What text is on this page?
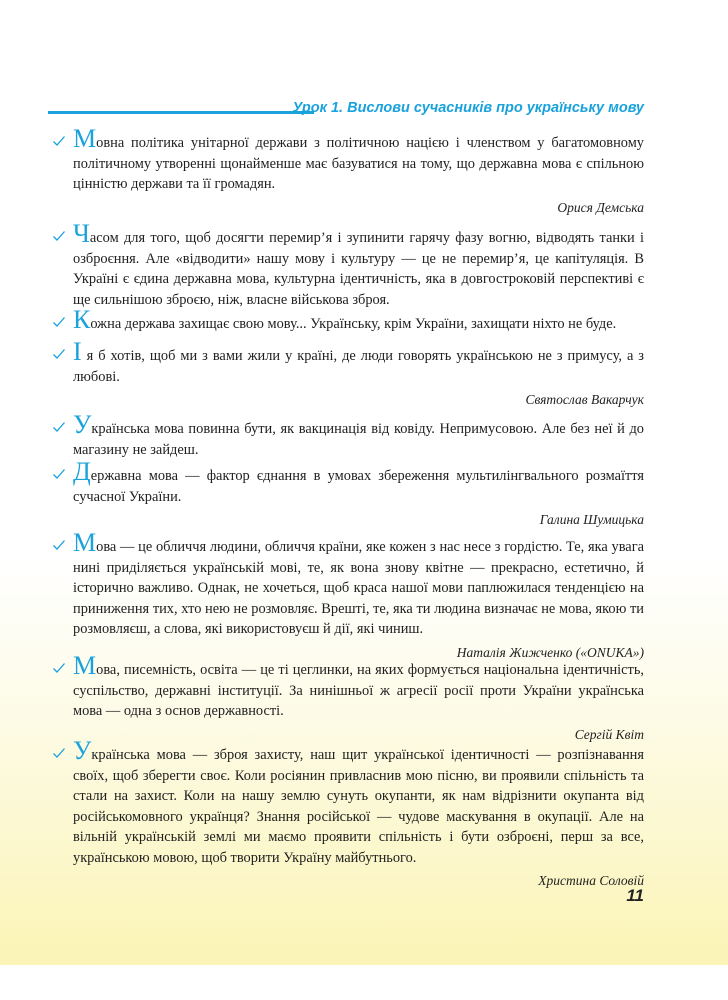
Урок 1. Вислови сучасників про українську мову
Мовна політика унітарної держави з політичною нацією і членством у багатомовному політичному утворенні щонайменше має базуватися на тому, що державна мова є спільною цінністю держави та її громадян.
Орися Демська
Часом для того, щоб досягти перемир’я і зупинити гарячу фазу вогню, відводять танки і озброєння. Але «відводити» нашу мову і культуру — це не перемир’я, це капітуляція. В Україні є єдина державна мова, культурна ідентичність, яка в довгостроковій перспективі є ще сильнішою зброєю, ніж, власне військова зброя.
Кожна держава захищає свою мову... Українську, крім України, захищати ніхто не буде.
І я б хотів, щоб ми з вами жили у країні, де люди говорять українською не з примусу, а з любові.
Святослав Вакарчук
Українська мова повинна бути, як вакцинація від ковіду. Непримусовою. Але без неї й до магазину не зайдеш.
Державна мова — фактор єднання в умовах збереження мультилінгвального розмаїття сучасної України.
Галина Шумицька
Мова — це обличчя людини, обличчя країни, яке кожен з нас несе з гордістю. Те, яка увага нині приділяється українській мові, те, як вона знову квітне — прекрасно, естетично, й історично важливо. Однак, не хочеться, щоб краса нашої мови паплюжилася тенденцією на приниження тих, хто нею не розмовляє. Врешті, те, яка ти людина визначає не мова, якою ти розмовляєш, а слова, які використовуєш й дії, які чиниш.
Наталія Жижченко («ONUKA»)
Мова, писемність, освіта — це ті цеглинки, на яких формується національна ідентичність, суспільство, державні інституції. За нинішньої ж агресії росії проти України українська мова — одна з основ державності.
Сергій Квіт
Українська мова — зброя захисту, наш щит української ідентичності — розпізнавання своїх, щоб зберегти своє. Коли росіянин привласнив мою пісню, ви проявили спільність та стали на захист. Коли на нашу землю сунуть окупанти, як нам відрізнити окупанта від російськомовного українця? Знання російської — чудове маскування в окупації. Але на вільній українській землі ми маємо проявити спільність і бути озброєні, перш за все, українською мовою, щоб творити Україну майбутнього.
Христина Соловій
11
